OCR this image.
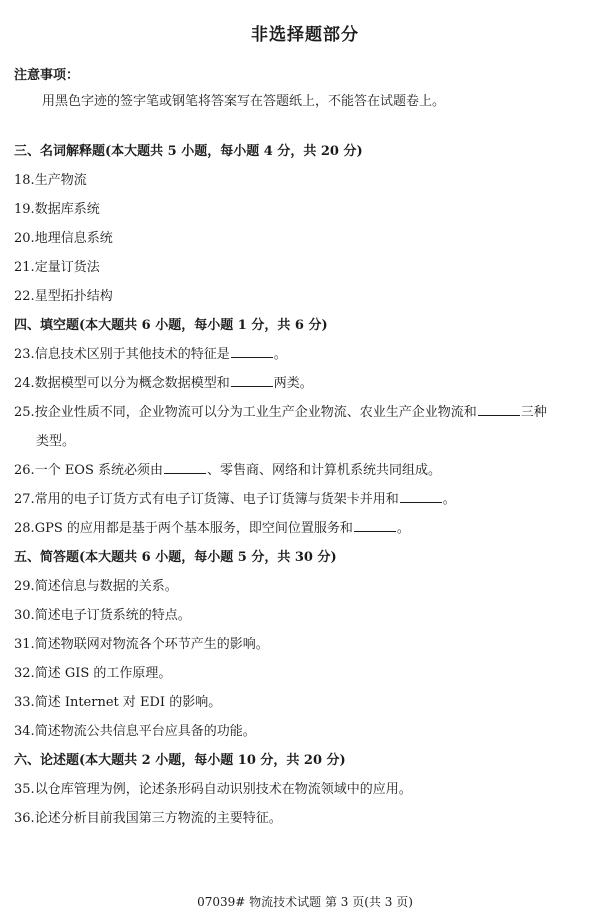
非选择题部分
注意事项：
用黑色字迹的签字笔或钢笔将答案写在答题纸上，不能答在试题卷上。
三、名词解释题(本大题共 5 小题，每小题 4 分，共 20 分)
18.生产物流
19.数据库系统
20.地理信息系统
21.定量订货法
22.星型拓扑结构
四、填空题(本大题共 6 小题，每小题 1 分，共 6 分)
23.信息技术区别于其他技术的特征是	。
24.数据模型可以分为概念数据模型和	两类。
25.按企业性质不同，企业物流可以分为工业生产企业物流、农业生产企业物流和	三种
类型。
26.一个 EOS 系统必须由	、零售商、网络和计算机系统共同组成。
27.常用的电子订货方式有电子订货簿、电子订货簿与货架卡并用和	。
28.GPS 的应用都是基于两个基本服务，即空间位置服务和	。
五、简答题(本大题共 6 小题，每小题 5 分，共 30 分)
29.简述信息与数据的关系。
30.简述电子订货系统的特点。
31.简述物联网对物流各个环节产生的影响。
32.简述 GIS 的工作原理。
33.简述 Internet 对 EDI 的影响。
34.简述物流公共信息平台应具备的功能。
六、论述题(本大题共 2 小题，每小题 10 分，共 20 分)
35.以仓库管理为例，论述条形码自动识别技术在物流领域中的应用。
36.论述分析目前我国第三方物流的主要特征。
07039# 物流技术试题 第 3 页(共 3 页)
